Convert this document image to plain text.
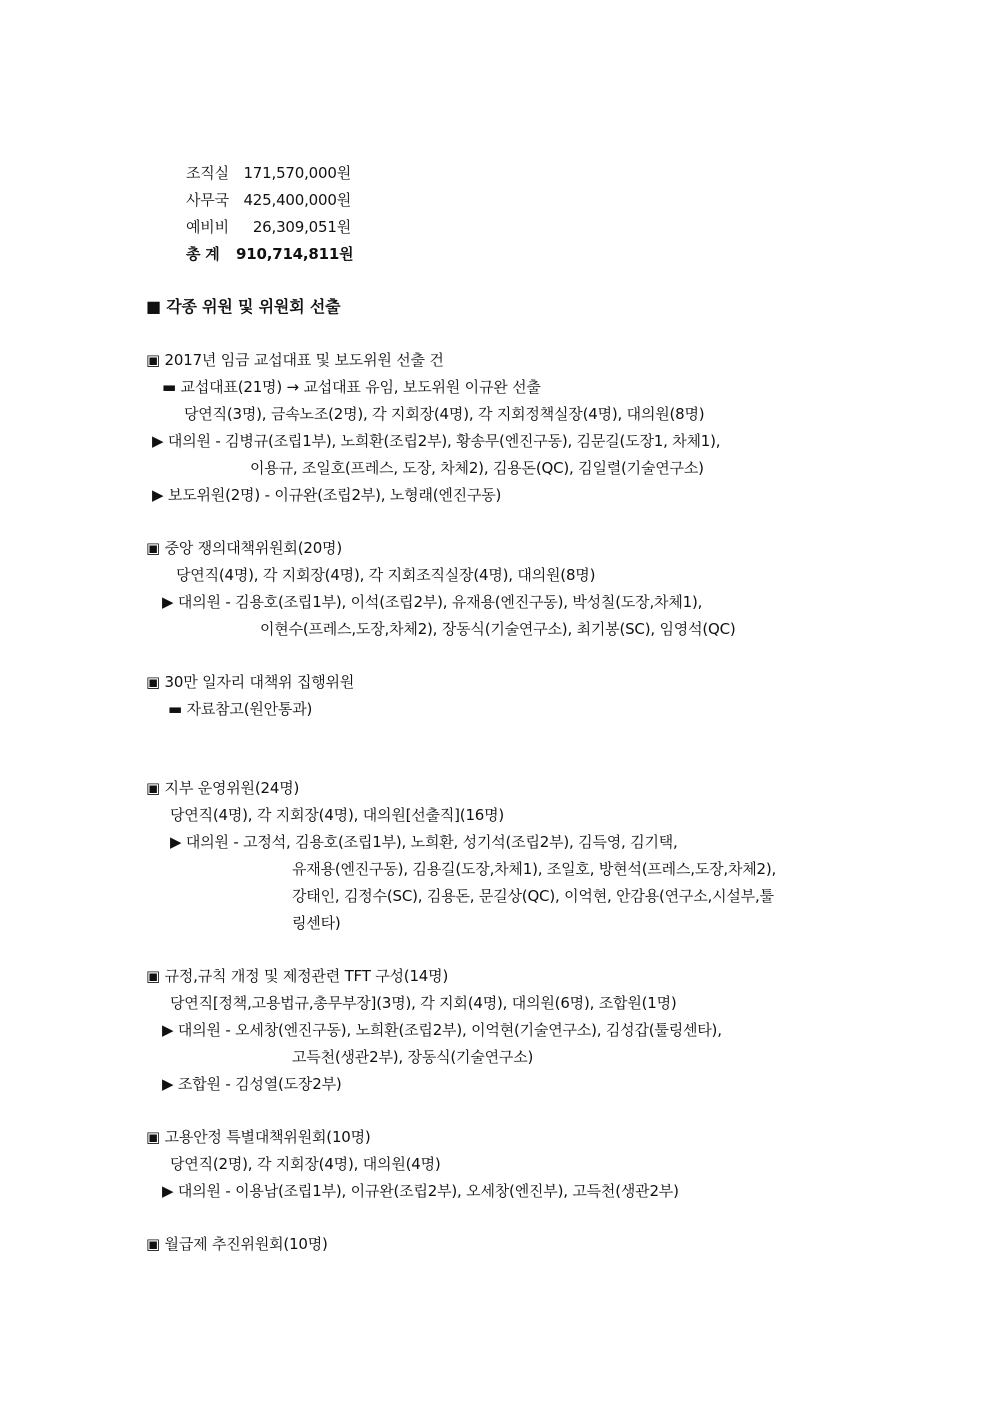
조직실 171,570,000원
사무국 425,400,000원
예비비 26,309,051원
총 계 910,714,811원
■ 각종 위원 및 위원회 선출
▣ 2017년 임금 교섭대표 및 보도위원 선출 건
▬ 교섭대표(21명) → 교섭대표 유임, 보도위원 이규완 선출
당연직(3명), 금속노조(2명), 각 지회장(4명), 각 지회정책실장(4명), 대의원(8명)
▶ 대의원 - 김병규(조립1부), 노희환(조립2부), 황송무(엔진구동), 김문길(도장1, 차체1),
이용규, 조일호(프레스, 도장, 차체2), 김용돈(QC), 김일렬(기술연구소)
▶ 보도위원(2명) - 이규완(조립2부), 노형래(엔진구동)
▣ 중앙 쟁의대책위원회(20명)
당연직(4명), 각 지회장(4명), 각 지회조직실장(4명), 대의원(8명)
▶ 대의원 - 김용호(조립1부), 이석(조립2부), 유재용(엔진구동), 박성칠(도장,차체1),
이현수(프레스,도장,차체2), 장동식(기술연구소), 최기봉(SC), 임영석(QC)
▣ 30만 일자리 대책위 집행위원
▬ 자료참고(원안통과)
▣ 지부 운영위원(24명)
당연직(4명), 각 지회장(4명), 대의원[선출직](16명)
▶ 대의원 - 고정석, 김용호(조립1부), 노희환, 성기석(조립2부), 김득영, 김기택,
유재용(엔진구동), 김용길(도장,차체1), 조일호, 방현석(프레스,도장,차체2),
강태인, 김정수(SC), 김용돈, 문길상(QC), 이억현, 안감용(연구소,시설부,툴
링센타)
▣ 규정,규칙 개정 및 제정관련 TFT 구성(14명)
당연직[정책,고용법규,총무부장](3명), 각 지회(4명), 대의원(6명), 조합원(1명)
▶ 대의원 - 오세창(엔진구동), 노희환(조립2부), 이억현(기술연구소), 김성갑(툴링센타),
고득천(생관2부), 장동식(기술연구소)
▶ 조합원 - 김성열(도장2부)
▣ 고용안정 특별대책위원회(10명)
당연직(2명), 각 지회장(4명), 대의원(4명)
▶ 대의원 - 이용남(조립1부), 이규완(조립2부), 오세창(엔진부), 고득천(생관2부)
▣ 월급제 추진위원회(10명)
